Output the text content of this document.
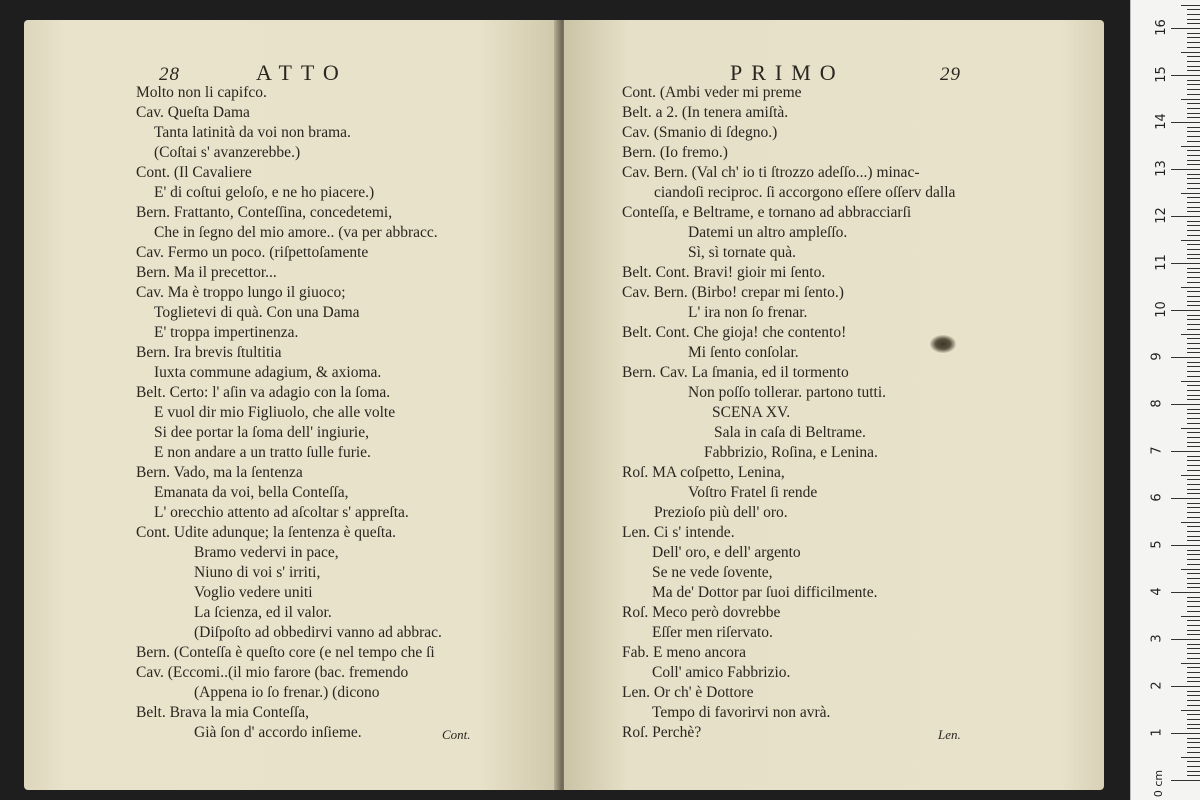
28	ATTO
Molto non li capifco.
Cav. Queſta Dama
Tanta latinità da voi non brama.
(Coſtai s' avanzerebbe.)
Cont. (Il Cavaliere
E' di coſtui geloſo, e ne ho piacere.)
Bern. Frattanto, Conteſſina, concedetemi,
Che in ſegno del mio amore.. (va per abbracc.
Cav. Fermo un poco. (riſpettoſamente
Bern. Ma il precettor...
Cav. Ma è troppo lungo il giuoco;
Toglietevi di quà. Con una Dama
E' troppa impertinenza.
Bern. Ira brevis ſtultitia
Iuxta commune adagium, & axioma.
Belt. Certo: l' aſin va adagio con la ſoma.
E vuol dir mio Figliuolo, che alle volte
Si dee portar la ſoma dell' ingiurie,
E non andare a un tratto ſulle furie.
Bern. Vado, ma la ſentenza
Emanata da voi, bella Conteſſa,
L' orecchio attento ad aſcoltar s' appreſta.
Cont. Udite adunque; la ſentenza è queſta.
Bramo vedervi in pace,
Niuno di voi s' irriti,
Voglio vedere uniti
La ſcienza, ed il valor.
(Diſpoſto ad obbedirvi vanno ad abbrac.
Bern. (Conteſſa è queſto core (e nel tempo che ſi
Cav. (Eccomi..(il mio farore (bac. fremendo
(Appena io ſo frenar.) (dicono
Belt. Brava la mia Conteſſa,
Già ſon d' accordo inſieme.	Cont.
PRIMO	29
Cont. (Ambi veder mi preme
Belt. a 2. (In tenera amiſtà.
Cav. (Smanio di ſdegno.)
Bern. (Io fremo.)
Cav. Bern. (Val ch' io ti ſtrozzo adeſſo...) minac-
ciandoſi reciproc. ſi accorgono eſſere oſſerv dalla
Conteſſa, e Beltrame, e tornano ad abbracciarſi
Datemi un altro ampleſſo.
Sì, sì tornate quà.
Belt. Cont. Bravi! gioir mi ſento.
Cav. Bern. (Birbo! crepar mi ſento.)
L' ira non ſo frenar.
Belt. Cont. Che gioja! che contento!
Mi ſento conſolar.
Bern. Cav. La ſmania, ed il tormento
Non poſſo tollerar. partono tutti.
SCENA XV.
Sala in caſa di Beltrame.
Fabbrizio, Roſina, e Lenina.
Roſ. MA coſpetto, Lenina,
Voſtro Fratel ſi rende
Prezioſo più dell' oro.
Len. Ci s' intende.
Dell' oro, e dell' argento
Se ne vede ſovente,
Ma de' Dottor par ſuoi difficilmente.
Roſ. Meco però dovrebbe
Eſſer men riſervato.
Fab. E meno ancora
Coll' amico Fabbrizio.
Len. Or ch' è Dottore
Tempo di favorirvi non avrà.
Roſ. Perchè?	Len.
0 cm
1
2
3
4
5
6
7
8
9
10
11
12
13
14
15
16
